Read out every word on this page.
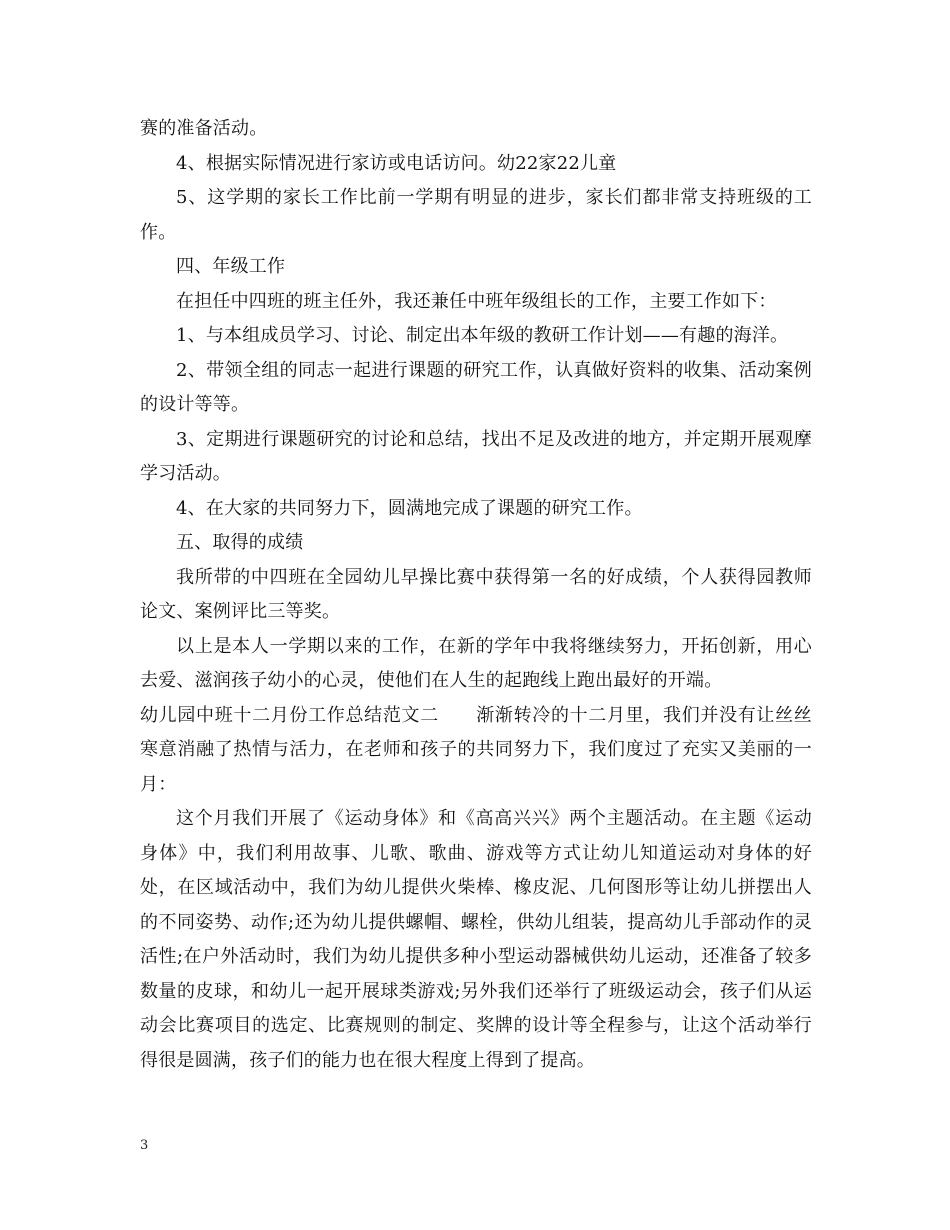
赛的准备活动。

4、根据实际情况进行家访或电话访问。幼22家22儿童

5、这学期的家长工作比前一学期有明显的进步，家长们都非常支持班级的工作。

四、年级工作

在担任中四班的班主任外，我还兼任中班年级组长的工作，主要工作如下：

1、与本组成员学习、讨论、制定出本年级的教研工作计划——有趣的海洋。

2、带领全组的同志一起进行课题的研究工作，认真做好资料的收集、活动案例的设计等等。

3、定期进行课题研究的讨论和总结，找出不足及改进的地方，并定期开展观摩学习活动。

4、在大家的共同努力下，圆满地完成了课题的研究工作。

五、取得的成绩

我所带的中四班在全园幼儿早操比赛中获得第一名的好成绩，个人获得园教师论文、案例评比三等奖。

以上是本人一学期以来的工作，在新的学年中我将继续努力，开拓创新，用心去爱、滋润孩子幼小的心灵，使他们在人生的起跑线上跑出最好的开端。

幼儿园中班十二月份工作总结范文二　　渐渐转冷的十二月里，我们并没有让丝丝寒意消融了热情与活力，在老师和孩子的共同努力下，我们度过了充实又美丽的一月：

这个月我们开展了《运动身体》和《高高兴兴》两个主题活动。在主题《运动身体》中，我们利用故事、儿歌、歌曲、游戏等方式让幼儿知道运动对身体的好处，在区域活动中，我们为幼儿提供火柴棒、橡皮泥、几何图形等让幼儿拼摆出人的不同姿势、动作;还为幼儿提供螺帽、螺栓，供幼儿组装，提高幼儿手部动作的灵活性;在户外活动时，我们为幼儿提供多种小型运动器械供幼儿运动，还准备了较多数量的皮球，和幼儿一起开展球类游戏;另外我们还举行了班级运动会，孩子们从运动会比赛项目的选定、比赛规则的制定、奖牌的设计等全程参与，让这个活动举行得很是圆满，孩子们的能力也在很大程度上得到了提高。

3
